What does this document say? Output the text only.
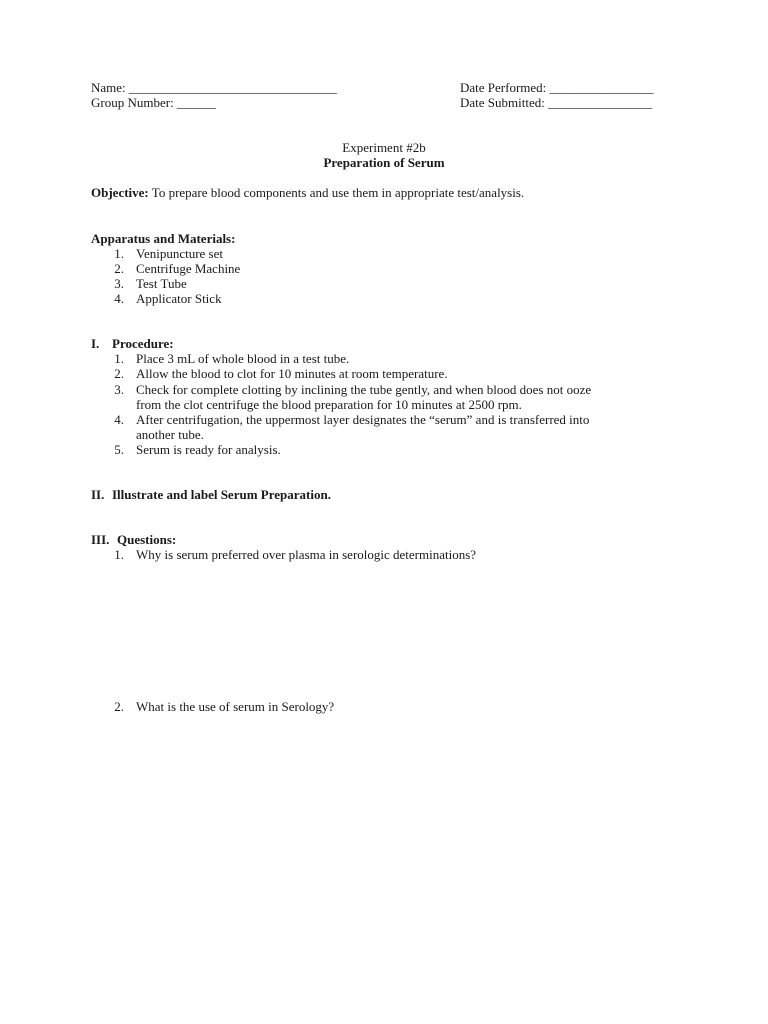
Name: ________________________________
Group Number: ______
Date Performed: ________________
Date Submitted: ________________
Experiment #2b
Preparation of Serum
Objective: To prepare blood components and use them in appropriate test/analysis.
Apparatus and Materials:
1. Venipuncture set
2. Centrifuge Machine
3. Test Tube
4. Applicator Stick
I. Procedure:
1. Place 3 mL of whole blood in a test tube.
2. Allow the blood to clot for 10 minutes at room temperature.
3. Check for complete clotting by inclining the tube gently, and when blood does not ooze
from the clot centrifuge the blood preparation for 10 minutes at 2500 rpm.
4. After centrifugation, the uppermost layer designates the “serum” and is transferred into
another tube.
5. Serum is ready for analysis.
II. Illustrate and label Serum Preparation.
III. Questions:
1. Why is serum preferred over plasma in serologic determinations?
2. What is the use of serum in Serology?
